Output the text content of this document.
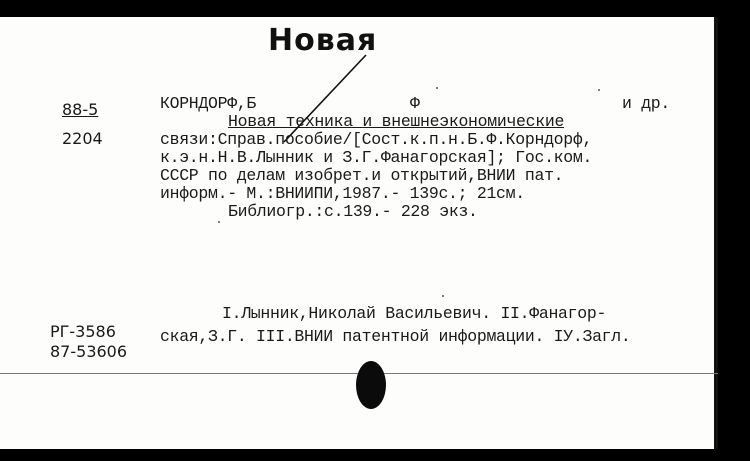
Новая
88-5
2204
КОРНДОРФ,Б	Ф	и др.
Новая техника и внешнеэкономические
связи:Справ.пособие/[Сост.к.п.н.Б.Ф.Корндорф,
к.э.н.Н.В.Лынник и З.Г.Фанагорская]; Гос.ком.
СССР по делам изобрет.и открытий,ВНИИ пат.
информ.- М.:ВНИИПИ,1987.- 139с.; 21см.
Библиогр.:с.139.- 228 экз.
I.Лынник,Николай Васильевич. II.Фанагор-
ская,З.Г. III.ВНИИ патентной информации. IУ.Загл.
РГ-3586
87-53606
